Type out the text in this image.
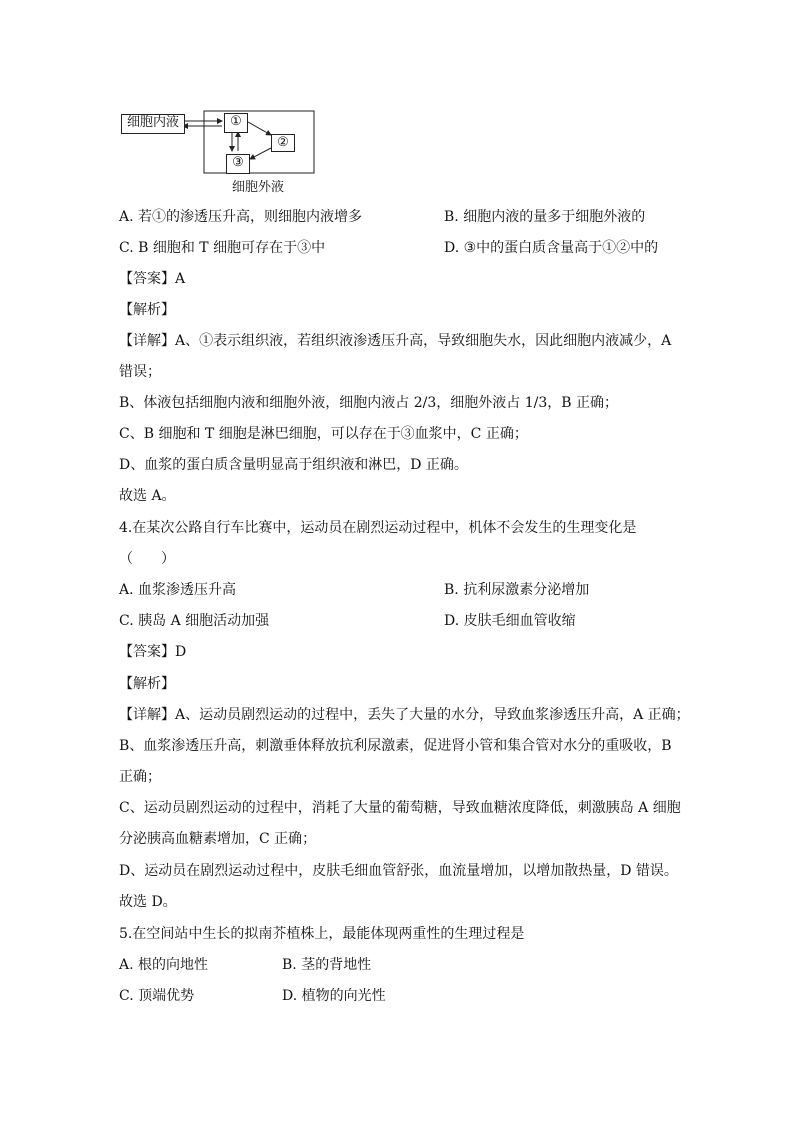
细胞内液	①
②
③
细胞外液
A. 若①的渗透压升高，则细胞内液增多	B. 细胞内液的量多于细胞外液的
C. B 细胞和 T 细胞可存在于③中	D. ③中的蛋白质含量高于①②中的
【答案】A
【解析】
【详解】A、①表示组织液，若组织液渗透压升高，导致细胞失水，因此细胞内液减少，A
错误；
B、体液包括细胞内液和细胞外液，细胞内液占 2/3，细胞外液占 1/3，B 正确；
C、B 细胞和 T 细胞是淋巴细胞，可以存在于③血浆中，C 正确；
D、血浆的蛋白质含量明显高于组织液和淋巴，D 正确。
故选 A。
4.在某次公路自行车比赛中，运动员在剧烈运动过程中，机体不会发生的生理变化是
（　　）
A. 血浆渗透压升高	B. 抗利尿激素分泌增加
C. 胰岛 A 细胞活动加强	D. 皮肤毛细血管收缩
【答案】D
【解析】
【详解】A、运动员剧烈运动的过程中，丢失了大量的水分，导致血浆渗透压升高，A 正确；
B、血浆渗透压升高，刺激垂体释放抗利尿激素，促进肾小管和集合管对水分的重吸收，B
正确；
C、运动员剧烈运动的过程中，消耗了大量的葡萄糖，导致血糖浓度降低，刺激胰岛 A 细胞
分泌胰高血糖素增加，C 正确；
D、运动员在剧烈运动过程中，皮肤毛细血管舒张，血流量增加，以增加散热量，D 错误。
故选 D。
5.在空间站中生长的拟南芥植株上，最能体现两重性的生理过程是
A. 根的向地性	B. 茎的背地性
C. 顶端优势	D. 植物的向光性
